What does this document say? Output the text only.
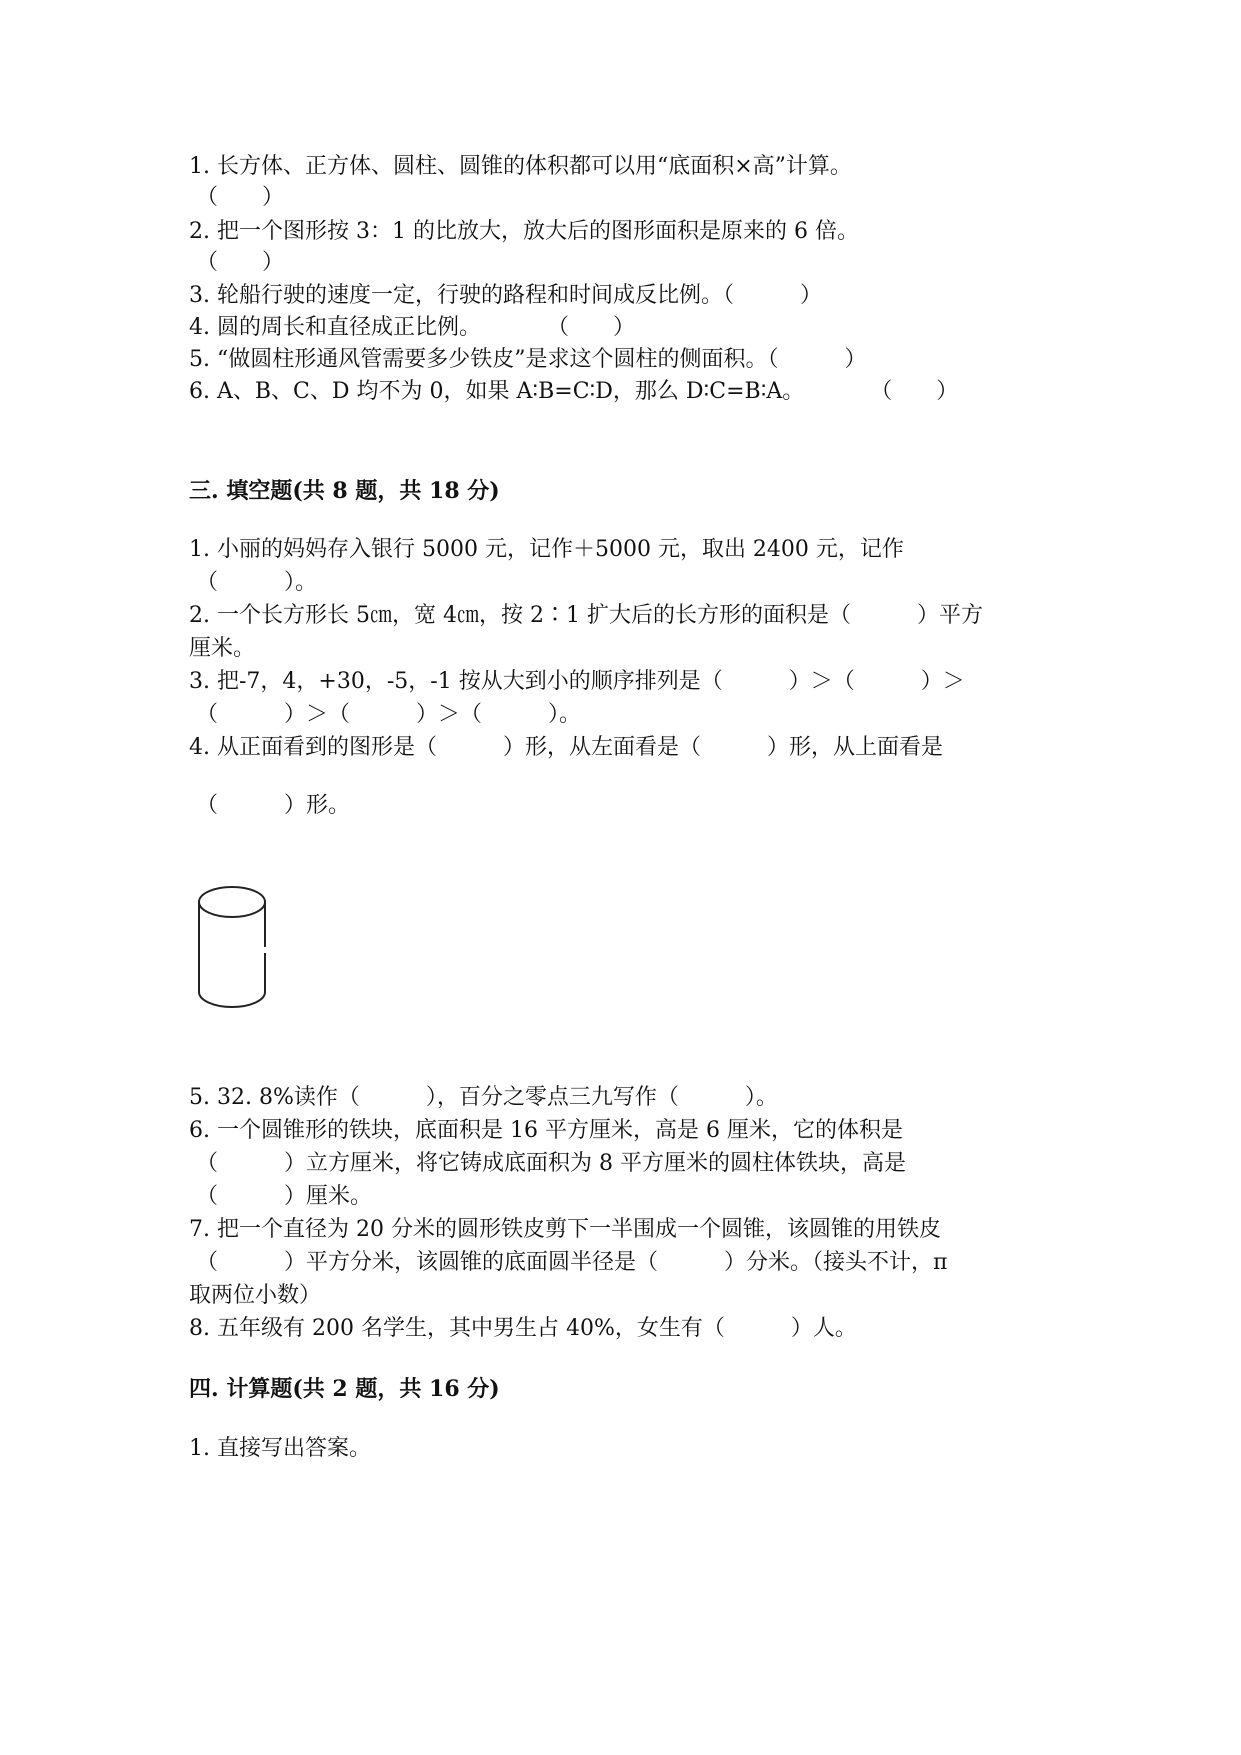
1. 长方体、正方体、圆柱、圆锥的体积都可以用“底面积×高”计算。
（　　）
2. 把一个图形按 3：1 的比放大，放大后的图形面积是原来的 6 倍。
（　　）
3. 轮船行驶的速度一定，行驶的路程和时间成反比例。（　　　）
4. 圆的周长和直径成正比例。　　　　（　　）
5. “做圆柱形通风管需要多少铁皮”是求这个圆柱的侧面积。（　　　）
6. A、B、C、D 均不为 0，如果 A∶B=C∶D，那么 D∶C=B∶A。　　　　（　　）
三. 填空题(共 8 题，共 18 分)
1. 小丽的妈妈存入银行 5000 元，记作＋5000 元，取出 2400 元，记作
（　　　）。
2. 一个长方形长 5㎝，宽 4㎝，按 2∶1 扩大后的长方形的面积是（　　　）平方
厘米。
3. 把-7，4，+30，-5，-1 按从大到小的顺序排列是（　　　）＞（　　　）＞
（　　　）＞（　　　）＞（　　　）。
4. 从正面看到的图形是（　　　）形，从左面看是（　　　）形，从上面看是
（　　　）形。
5. 32. 8%读作（　　　），百分之零点三九写作（　　　）。
6. 一个圆锥形的铁块，底面积是 16 平方厘米，高是 6 厘米，它的体积是
（　　　）立方厘米，将它铸成底面积为 8 平方厘米的圆柱体铁块，高是
（　　　）厘米。
7. 把一个直径为 20 分米的圆形铁皮剪下一半围成一个圆锥，该圆锥的用铁皮
（　　　）平方分米，该圆锥的底面圆半径是（　　　）分米。（接头不计，π
取两位小数）
8. 五年级有 200 名学生，其中男生占 40%，女生有（　　　）人。
四. 计算题(共 2 题，共 16 分)
1. 直接写出答案。
